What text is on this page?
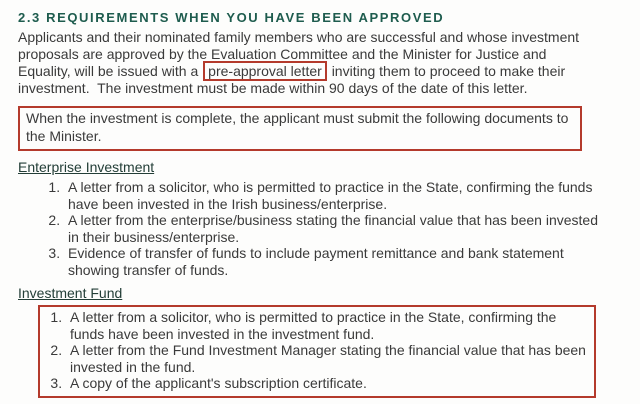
2.3 REQUIREMENTS WHEN YOU HAVE BEEN APPROVED

Applicants and their nominated family members who are successful and whose investment proposals are approved by the Evaluation Committee and the Minister for Justice and Equality, will be issued with a pre-approval letter inviting them to proceed to make their investment.  The investment must be made within 90 days of the date of this letter.

When the investment is complete, the applicant must submit the following documents to the Minister.

Enterprise Investment
1. A letter from a solicitor, who is permitted to practice in the State, confirming the funds have been invested in the Irish business/enterprise.
2. A letter from the enterprise/business stating the financial value that has been invested in their business/enterprise.
3. Evidence of transfer of funds to include payment remittance and bank statement showing transfer of funds.
Investment Fund
1. A letter from a solicitor, who is permitted to practice in the State, confirming the funds have been invested in the investment fund.
2. A letter from the Fund Investment Manager stating the financial value that has been invested in the fund.
3. A copy of the applicant's subscription certificate.
